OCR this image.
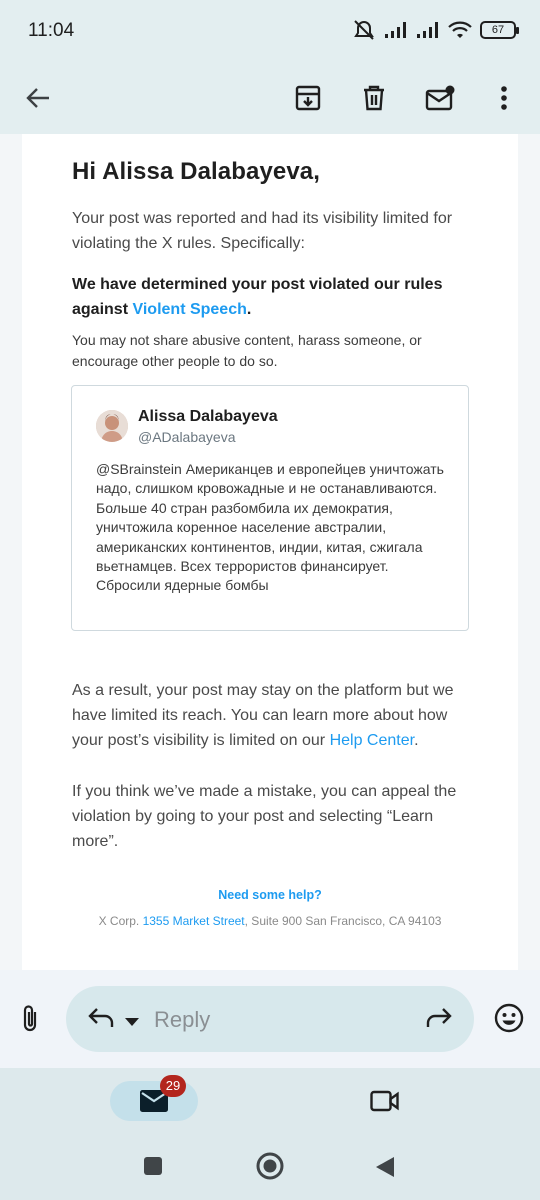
11:04	67
Hi Alissa Dalabayeva,
Your post was reported and had its visibility limited for violating the X rules. Specifically:
We have determined your post violated our rules against Violent Speech.
You may not share abusive content, harass someone, or encourage other people to do so.
Alissa Dalabayeva
@ADalabayeva
@SBrainstein Американцев и европейцев уничтожать надо, слишком кровожадные и не останавливаются. Больше 40 стран разбомбила их демократия, уничтожила коренное население австралии, американских континентов, индии, китая, сжигала вьетнамцев. Всех террористов финансирует. Сбросили ядерные бомбы
As a result, your post may stay on the platform but we have limited its reach. You can learn more about how your post’s visibility is limited on our Help Center.
If you think we’ve made a mistake, you can appeal the violation by going to your post and selecting “Learn more”.
Need some help?
X Corp. 1355 Market Street, Suite 900 San Francisco, CA 94103
Reply
29
